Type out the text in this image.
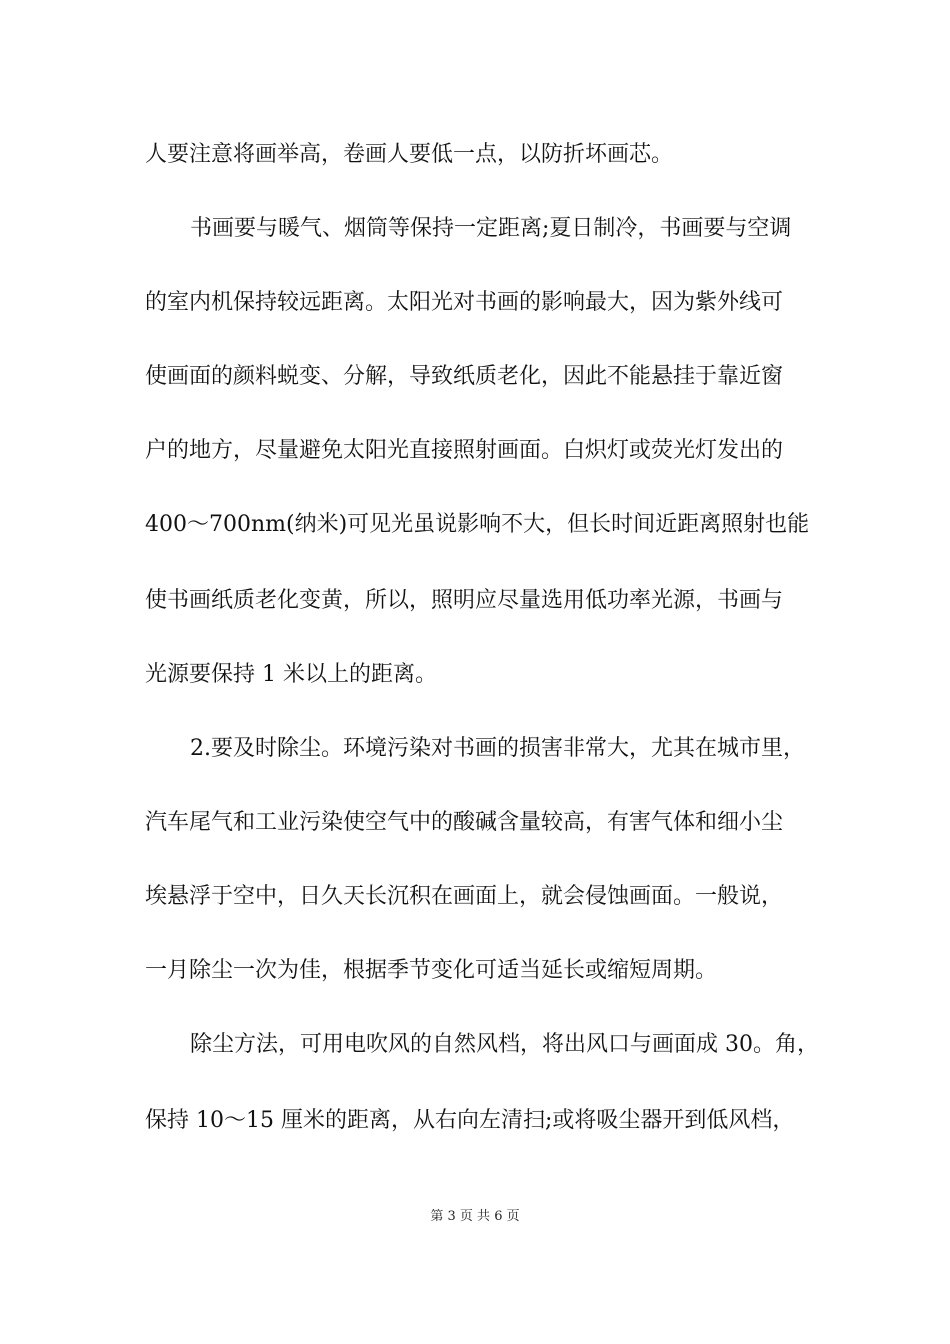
人要注意将画举高，卷画人要低一点，以防折坏画芯。
书画要与暖气、烟筒等保持一定距离;夏日制冷，书画要与空调
的室内机保持较远距离。太阳光对书画的影响最大，因为紫外线可
使画面的颜料蜕变、分解，导致纸质老化，因此不能悬挂于靠近窗
户的地方，尽量避免太阳光直接照射画面。白炽灯或荧光灯发出的
400～700nm(纳米)可见光虽说影响不大，但长时间近距离照射也能
使书画纸质老化变黄，所以，照明应尽量选用低功率光源，书画与
光源要保持 1 米以上的距离。
2.要及时除尘。环境污染对书画的损害非常大，尤其在城市里，
汽车尾气和工业污染使空气中的酸碱含量较高，有害气体和细小尘
埃悬浮于空中，日久天长沉积在画面上，就会侵蚀画面。一般说，
一月除尘一次为佳，根据季节变化可适当延长或缩短周期。
除尘方法，可用电吹风的自然风档，将出风口与画面成 30。角，
保持 10～15 厘米的距离，从右向左清扫;或将吸尘器开到低风档，
第 3 页 共 6 页
